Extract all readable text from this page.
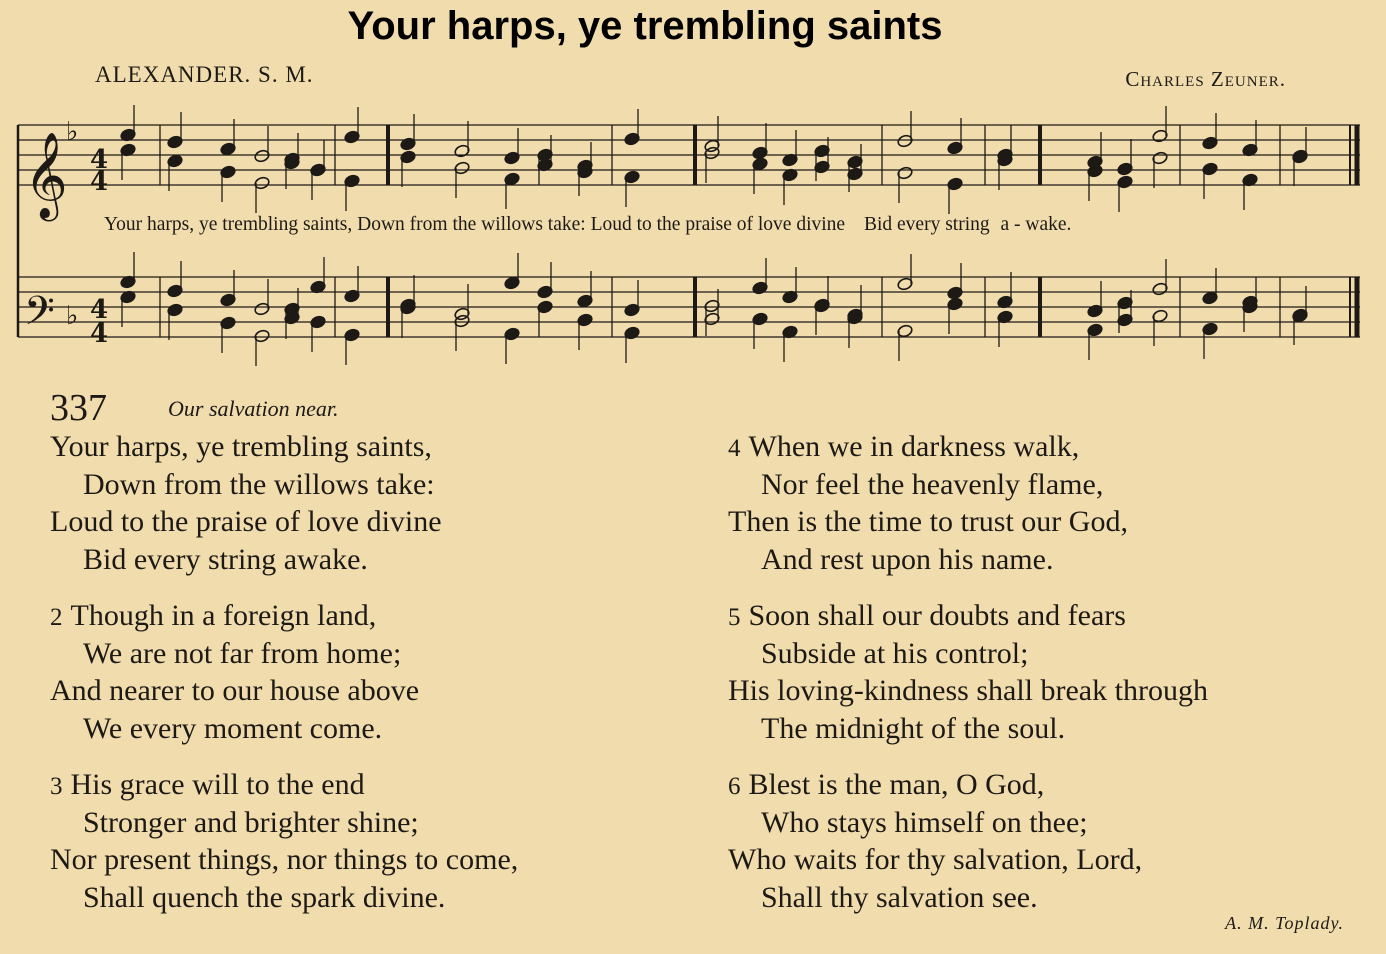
Your harps, ye trembling saints
ALEXANDER. S. M.	Charles Zeuner.
𝄞
𝄢
♭
♭
4
4
4
4
Your harps, ye trembling saints, Down from the willows take: Loud to the praise of love divine Bid every string a - wake.
337	Our salvation near.
Your harps, ye trembling saints,
Down from the willows take:
Loud to the praise of love divine
Bid every string awake.
2 Though in a foreign land,
We are not far from home;
And nearer to our house above
We every moment come.
3 His grace will to the end
Stronger and brighter shine;
Nor present things, nor things to come,
Shall quench the spark divine.
4 When we in darkness walk,
Nor feel the heavenly flame,
Then is the time to trust our God,
And rest upon his name.
5 Soon shall our doubts and fears
Subside at his control;
His loving-kindness shall break through
The midnight of the soul.
6 Blest is the man, O God,
Who stays himself on thee;
Who waits for thy salvation, Lord,
Shall thy salvation see.
A. M. Toplady.
